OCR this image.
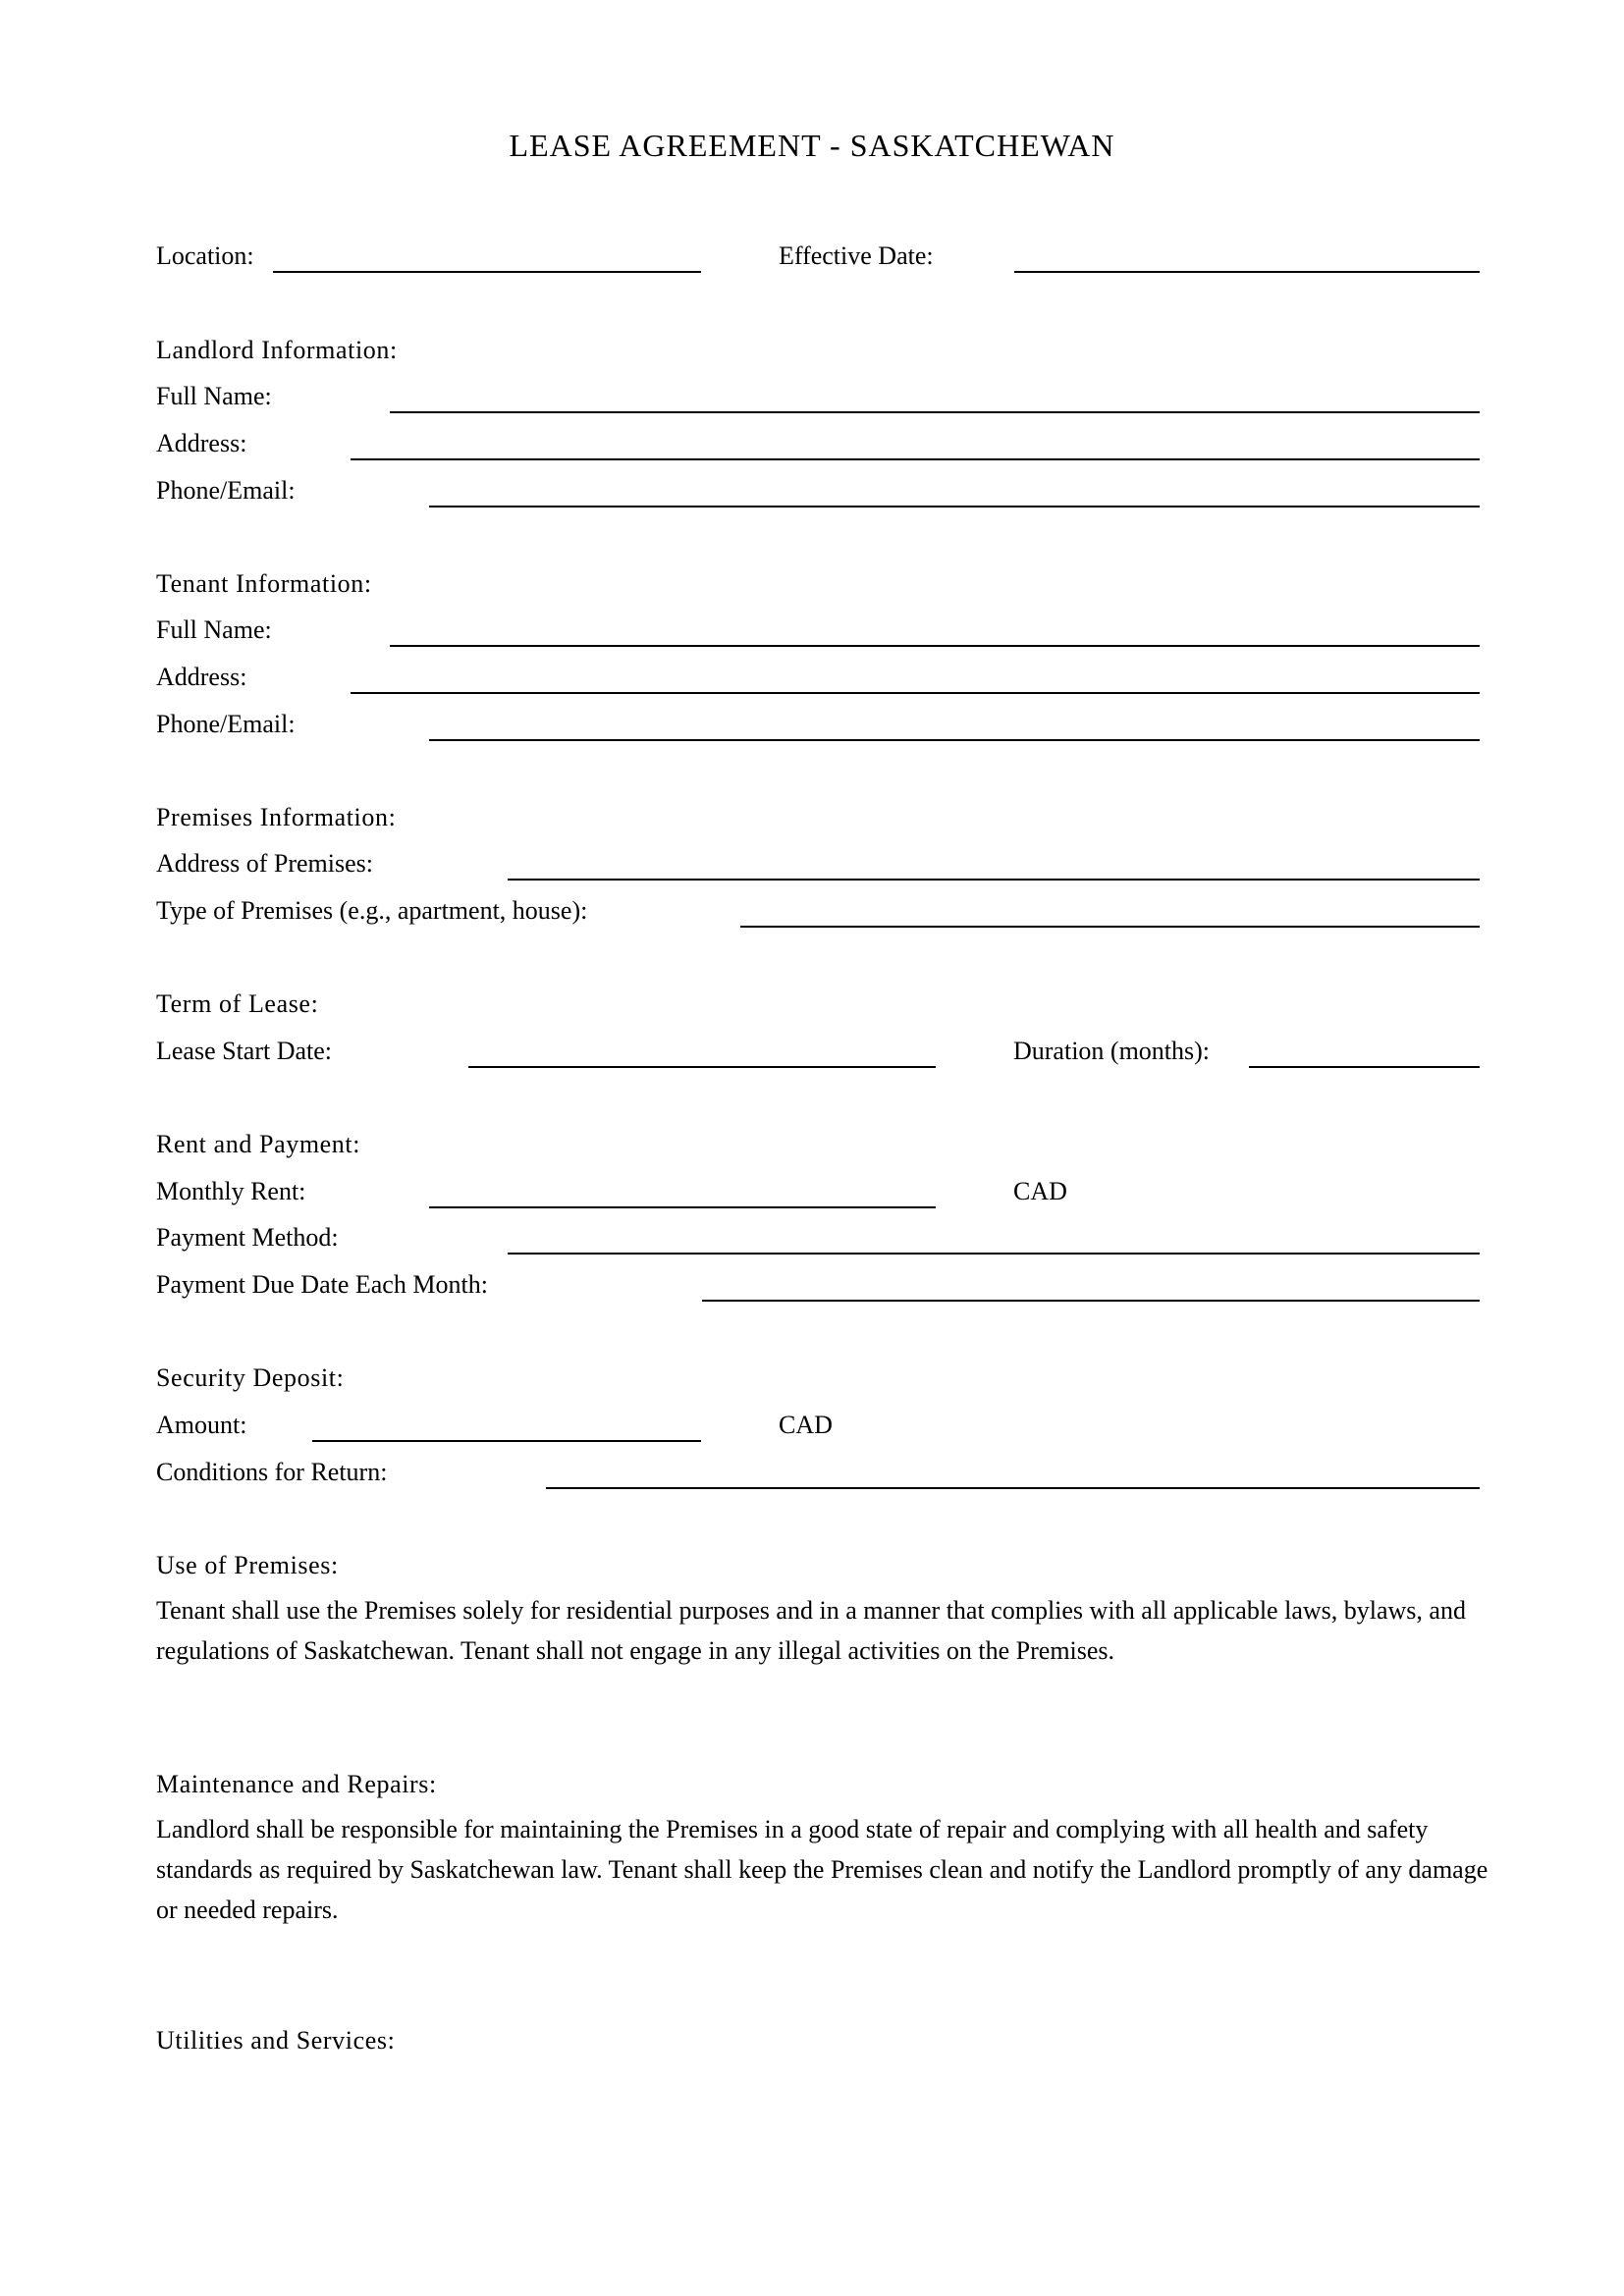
LEASE AGREEMENT - SASKATCHEWAN
Location:	Effective Date:
Landlord Information:
Full Name:
Address:
Phone/Email:
Tenant Information:
Full Name:
Address:
Phone/Email:
Premises Information:
Address of Premises:
Type of Premises (e.g., apartment, house):
Term of Lease:
Lease Start Date:	Duration (months):
Rent and Payment:
Monthly Rent:	CAD
Payment Method:
Payment Due Date Each Month:
Security Deposit:
Amount:	CAD
Conditions for Return:
Use of Premises:
Tenant shall use the Premises solely for residential purposes and in a manner that complies with all applicable laws, bylaws, and regulations of Saskatchewan. Tenant shall not engage in any illegal activities on the Premises.
Maintenance and Repairs:
Landlord shall be responsible for maintaining the Premises in a good state of repair and complying with all health and safety standards as required by Saskatchewan law. Tenant shall keep the Premises clean and notify the Landlord promptly of any damage or needed repairs.
Utilities and Services:
